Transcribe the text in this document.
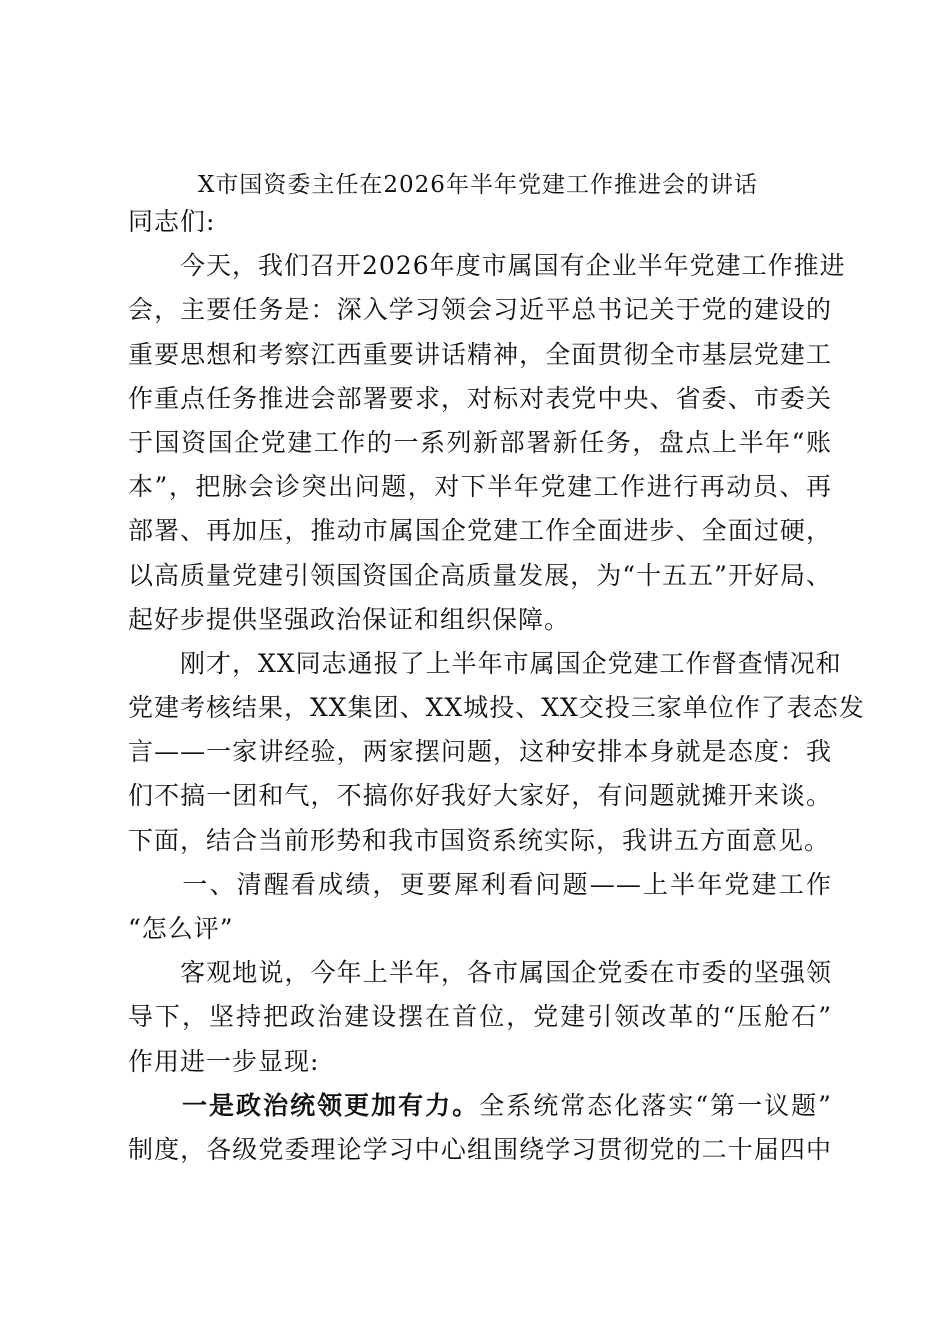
X市国资委主任在2026年半年党建工作推进会的讲话
同志们:
　　今天，我们召开2026年度市属国有企业半年党建工作推进
会，主要任务是：深入学习领会习近平总书记关于党的建设的
重要思想和考察江西重要讲话精神，全面贯彻全市基层党建工
作重点任务推进会部署要求，对标对表党中央、省委、市委关
于国资国企党建工作的一系列新部署新任务，盘点上半年“账
本”，把脉会诊突出问题，对下半年党建工作进行再动员、再
部署、再加压，推动市属国企党建工作全面进步、全面过硬，
以高质量党建引领国资国企高质量发展，为“十五五”开好局、
起好步提供坚强政治保证和组织保障。
　　刚才，XX同志通报了上半年市属国企党建工作督查情况和
党建考核结果，XX集团、XX城投、XX交投三家单位作了表态发
言——一家讲经验，两家摆问题，这种安排本身就是态度：我
们不搞一团和气，不搞你好我好大家好，有问题就摊开来谈。
下面，结合当前形势和我市国资系统实际，我讲五方面意见。
　　一、清醒看成绩，更要犀利看问题——上半年党建工作
“怎么评”
　　客观地说，今年上半年，各市属国企党委在市委的坚强领
导下，坚持把政治建设摆在首位，党建引领改革的“压舱石”
作用进一步显现:
　　一是政治统领更加有力。全系统常态化落实“第一议题”
制度，各级党委理论学习中心组围绕学习贯彻党的二十届四中
